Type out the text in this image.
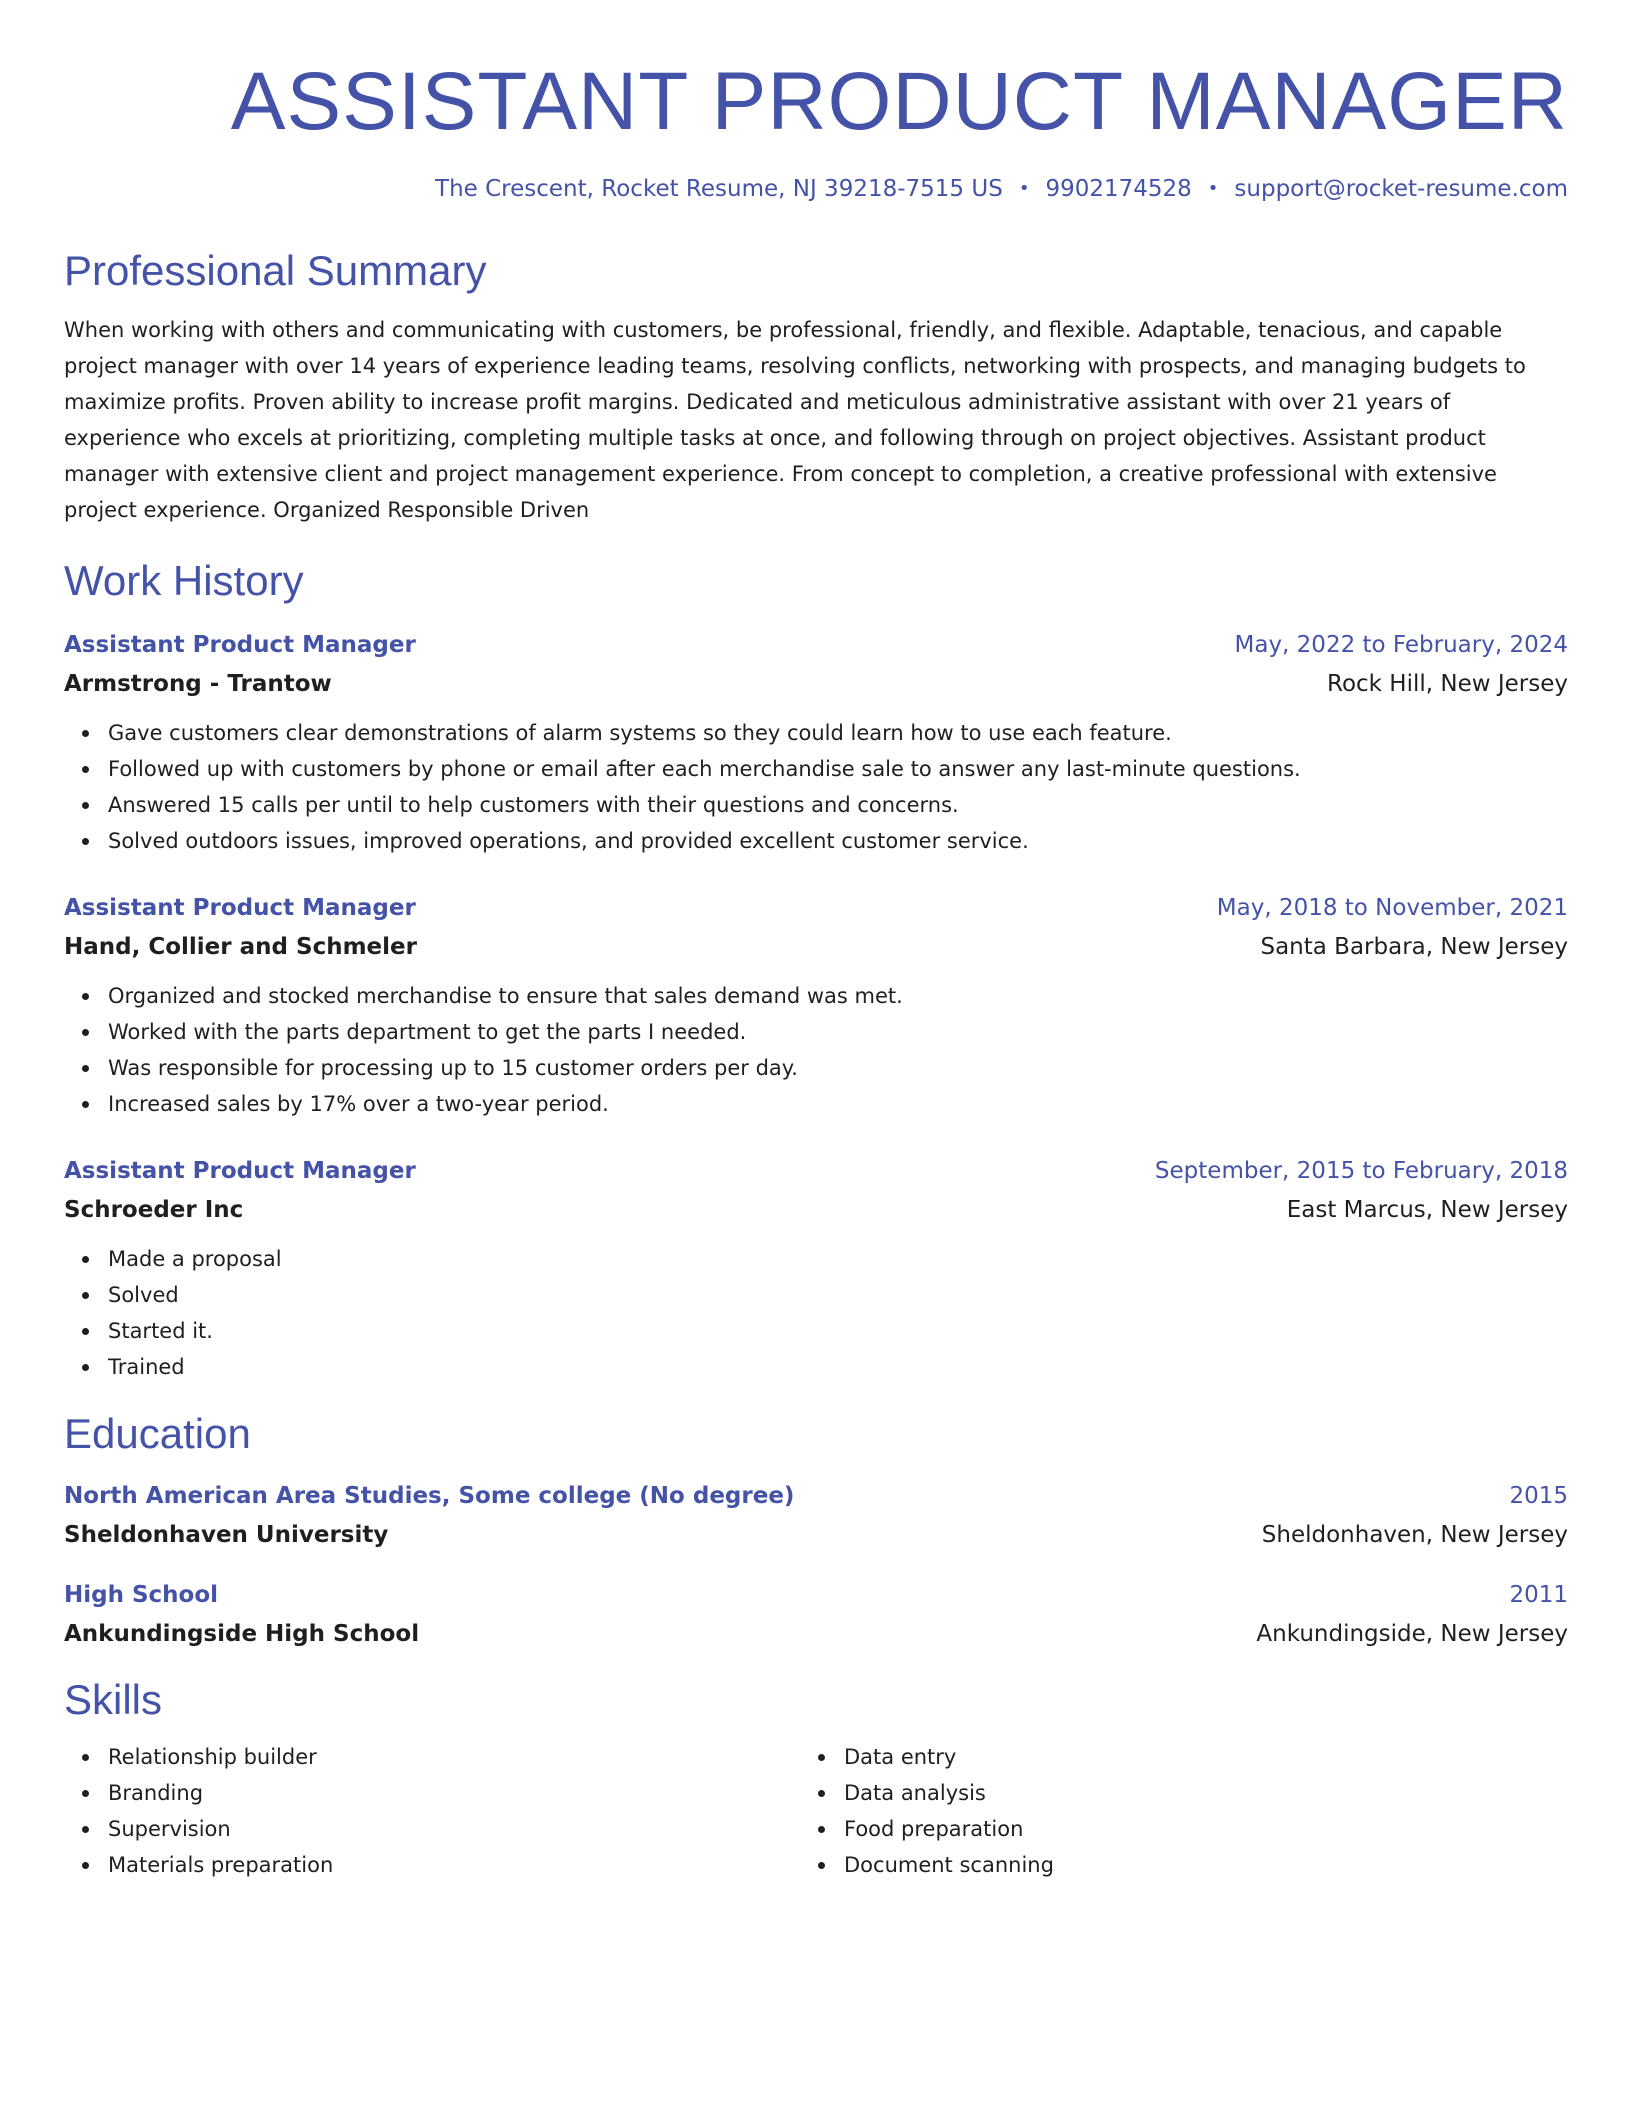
ASSISTANT PRODUCT MANAGER
The Crescent, Rocket Resume, NJ 39218-7515 US • 9902174528 • support@rocket-resume.com
Professional Summary

When working with others and communicating with customers, be professional, friendly, and flexible. Adaptable, tenacious, and capable project manager with over 14 years of experience leading teams, resolving conflicts, networking with prospects, and managing budgets to maximize profits. Proven ability to increase profit margins. Dedicated and meticulous administrative assistant with over 21 years of experience who excels at prioritizing, completing multiple tasks at once, and following through on project objectives. Assistant product manager with extensive client and project management experience. From concept to completion, a creative professional with extensive project experience. Organized Responsible Driven

Work History
Assistant Product Manager	May, 2022 to February, 2024
Armstrong - Trantow	Rock Hill, New Jersey
Gave customers clear demonstrations of alarm systems so they could learn how to use each feature.
Followed up with customers by phone or email after each merchandise sale to answer any last-minute questions.
Answered 15 calls per until to help customers with their questions and concerns.
Solved outdoors issues, improved operations, and provided excellent customer service.
Assistant Product Manager	May, 2018 to November, 2021
Hand, Collier and Schmeler	Santa Barbara, New Jersey
Organized and stocked merchandise to ensure that sales demand was met.
Worked with the parts department to get the parts I needed.
Was responsible for processing up to 15 customer orders per day.
Increased sales by 17% over a two-year period.
Assistant Product Manager	September, 2015 to February, 2018
Schroeder Inc	East Marcus, New Jersey
Made a proposal
Solved
Started it.
Trained
Education
North American Area Studies, Some college (No degree)	2015
Sheldonhaven University	Sheldonhaven, New Jersey
High School	2011
Ankundingside High School	Ankundingside, New Jersey
Skills
Relationship builder
Branding
Supervision
Materials preparation
Data entry
Data analysis
Food preparation
Document scanning
